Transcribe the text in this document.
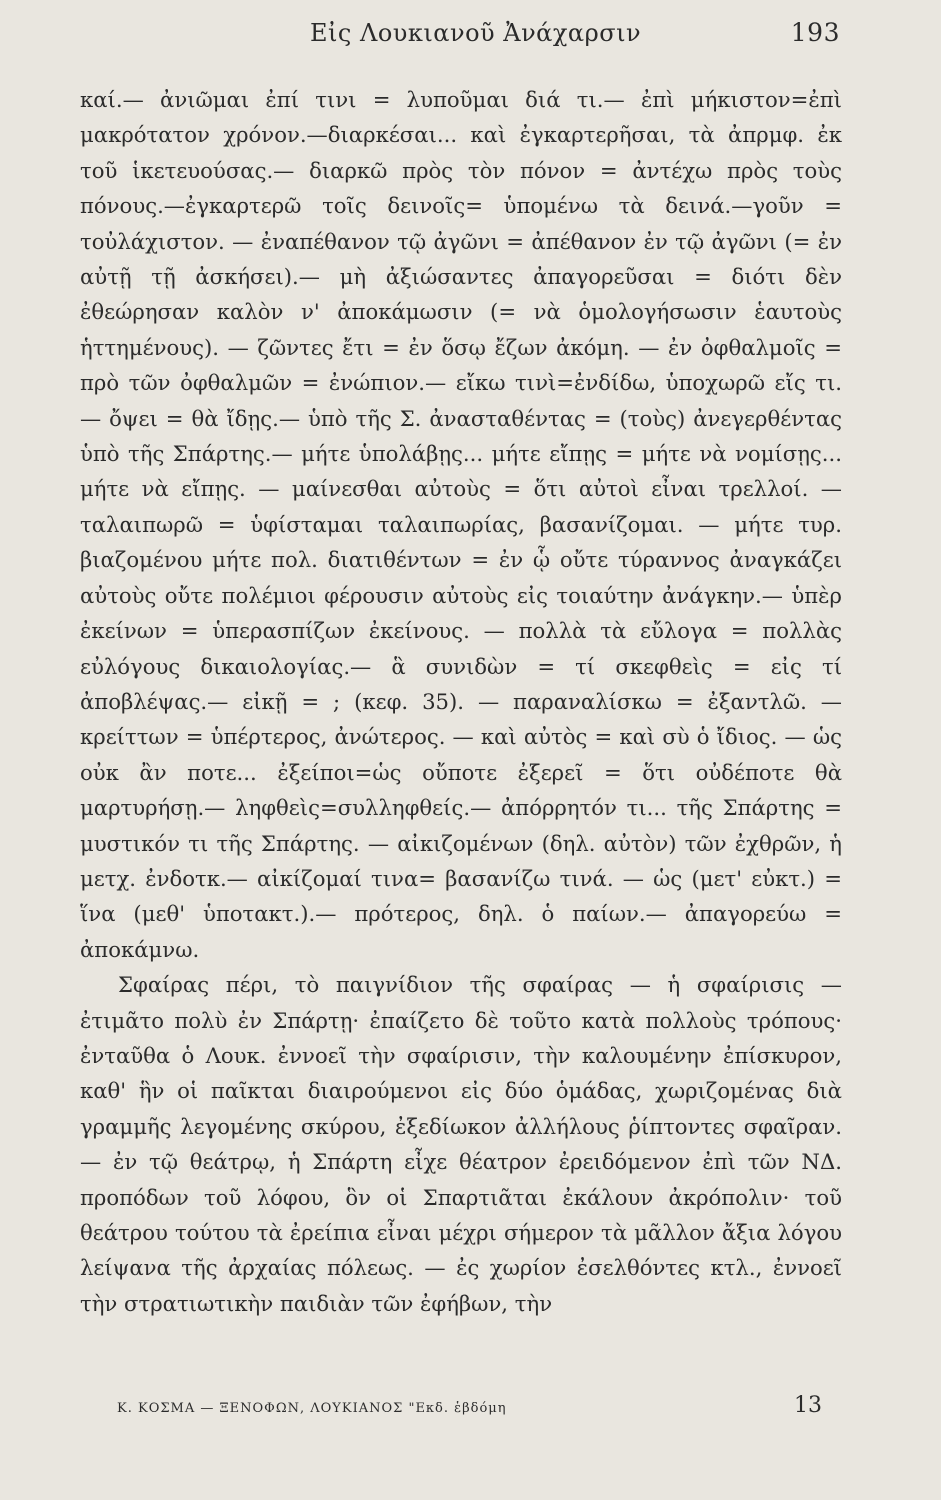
Εἰς Λουκιανοῦ Ἀνάχαρσιν	193

καί.— ἀνιῶμαι ἐπί τινι = λυποῦμαι διά τι.— ἐπὶ μήκιστον=ἐπὶ μακρότατον χρόνον.—διαρκέσαι... καὶ ἐγκαρτερῆσαι, τὰ ἀπρμφ. ἐκ τοῦ ἱκετευούσας.— διαρκῶ πρὸς τὸν πόνον = ἀντέχω πρὸς τοὺς πόνους.—ἐγκαρτερῶ τοῖς δεινοῖς= ὑπομένω τὰ δεινά.—γοῦν = τοὐλάχιστον. — ἐναπέθανον τῷ ἀγῶνι = ἀπέθανον ἐν τῷ ἀγῶνι (= ἐν αὐτῇ τῇ ἀσκήσει).— μὴ ἀξιώσαντες ἀπαγορεῦσαι = διότι δὲν ἐθεώρησαν καλὸν ν' ἀποκάμωσιν (= νὰ ὁμολογήσωσιν ἑαυτοὺς ἡττημένους). — ζῶντες ἔτι = ἐν ὅσῳ ἔζων ἀκόμη. — ἐν ὀφθαλμοῖς = πρὸ τῶν ὀφθαλμῶν = ἐνώπιον.— εἴκω τινὶ=ἐνδίδω, ὑποχωρῶ εἴς τι. — ὄψει = θὰ ἴδῃς.— ὑπὸ τῆς Σ. ἀνασταθέντας = (τοὺς) ἀνεγερθέντας ὑπὸ τῆς Σπάρτης.— μήτε ὑπολάβῃς... μήτε εἴπῃς = μήτε νὰ νομίσῃς... μήτε νὰ εἴπῃς. — μαίνεσθαι αὐτοὺς = ὅτι αὐτοὶ εἶναι τρελλοί. — ταλαιπωρῶ = ὑφίσταμαι ταλαιπωρίας, βασανίζομαι. — μήτε τυρ. βιαζομένου μήτε πολ. διατιθέντων = ἐν ᾧ οὔτε τύραννος ἀναγκάζει αὐτοὺς οὔτε πολέμιοι φέρουσιν αὐτοὺς εἰς τοιαύτην ἀνάγκην.— ὑπὲρ ἐκείνων = ὑπερασπίζων ἐκείνους. — πολλὰ τὰ εὔλογα = πολλὰς εὐλόγους δικαιολογίας.— ἃ συνιδὼν = τί σκεφθεὶς = εἰς τί ἀποβλέψας.— εἰκῇ = ; (κεφ. 35). — παραναλίσκω = ἐξαντλῶ. — κρείττων = ὑπέρτερος, ἀνώτερος. — καὶ αὐτὸς = καὶ σὺ ὁ ἴδιος. — ὡς οὐκ ἂν ποτε... ἐξείποι=ὡς οὔποτε ἐξερεῖ = ὅτι οὐδέποτε θὰ μαρτυρήσῃ.— ληφθεὶς=συλληφθείς.— ἀπόρρητόν τι... τῆς Σπάρτης = μυστικόν τι τῆς Σπάρτης. — αἰκιζομένων (δηλ. αὐτὸν) τῶν ἐχθρῶν, ἡ μετχ. ἐνδοτκ.— αἰκίζομαί τινα= βασανίζω τινά. — ὡς (μετ' εὐκτ.) = ἵνα (μεθ' ὑποτακτ.).— πρότερος, δηλ. ὁ παίων.— ἀπαγορεύω = ἀποκάμνω.

Σφαίρας πέρι, τὸ παιγνίδιον τῆς σφαίρας — ἡ σφαίρισις — ἐτιμᾶτο πολὺ ἐν Σπάρτῃ· ἐπαίζετο δὲ τοῦτο κατὰ πολλοὺς τρόπους· ἐνταῦθα ὁ Λουκ. ἐννοεῖ τὴν σφαίρισιν, τὴν καλουμένην ἐπίσκυρον, καθ' ἣν οἱ παῖκται διαιρούμενοι εἰς δύο ὁμάδας, χωριζομένας διὰ γραμμῆς λεγομένης σκύρου, ἐξεδίωκον ἀλλήλους ῥίπτοντες σφαῖραν. — ἐν τῷ θεάτρῳ, ἡ Σπάρτη εἶχε θέατρον ἐρειδόμενον ἐπὶ τῶν ΝΔ. προπόδων τοῦ λόφου, ὃν οἱ Σπαρτιᾶται ἐκάλουν ἀκρόπολιν· τοῦ θεάτρου τούτου τὰ ἐρείπια εἶναι μέχρι σήμερον τὰ μᾶλλον ἄξια λόγου λείψανα τῆς ἀρχαίας πόλεως. — ἐς χωρίον ἐσελθόντες κτλ., ἐννοεῖ τὴν στρατιωτικὴν παιδιὰν τῶν ἐφήβων, τὴν

Κ. ΚΟΣΜΑ — ΞΕΝΟΦΩΝ, ΛΟΥΚΙΑΝΟΣ "Εκδ. ἑβδόμη	13
